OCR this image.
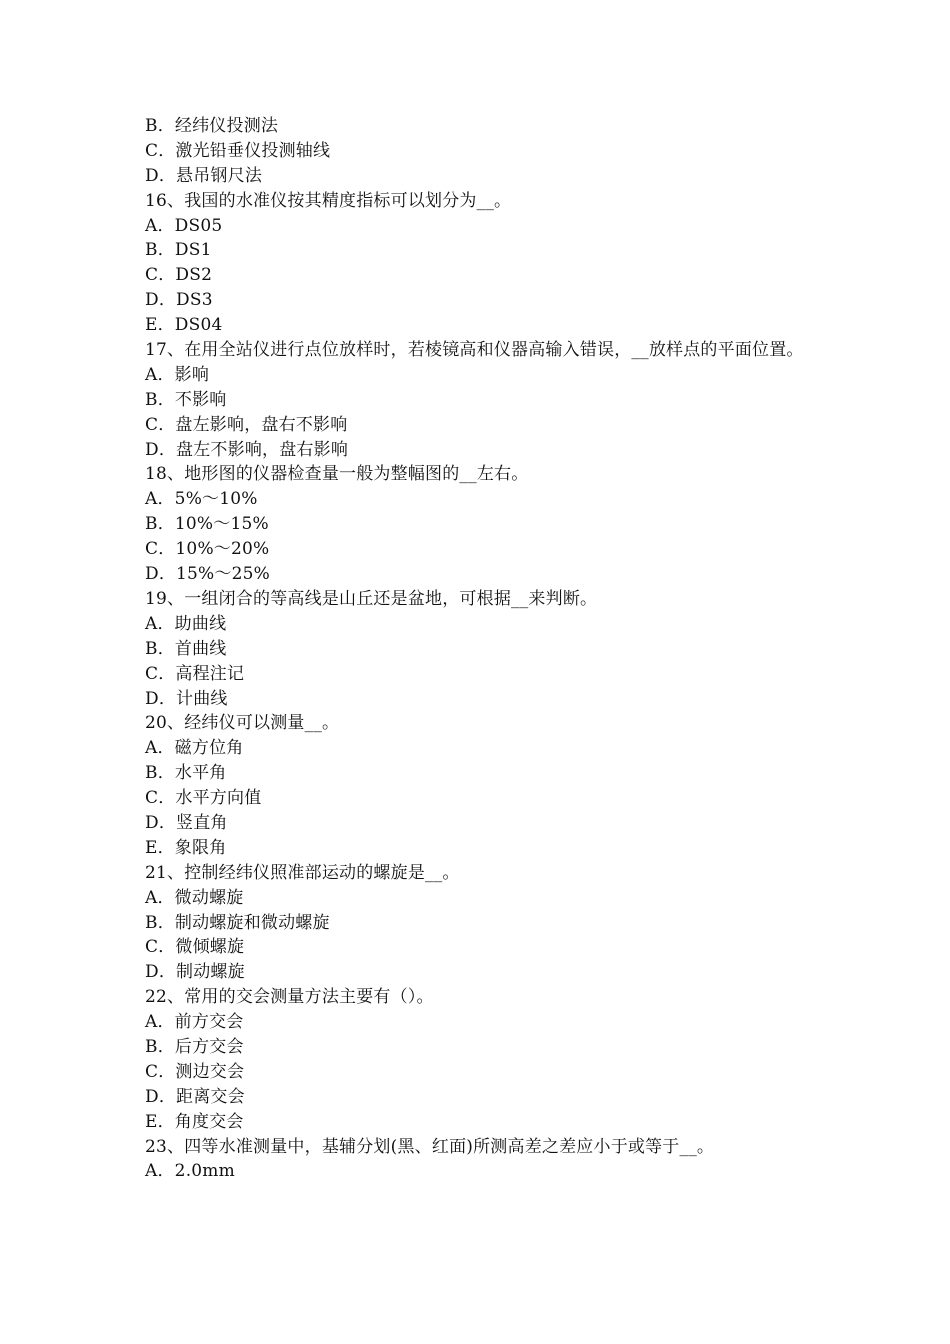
B．经纬仪投测法
C．激光铅垂仪投测轴线
D．悬吊钢尺法
16、我国的水准仪按其精度指标可以划分为__。
A．DS05
B．DS1
C．DS2
D．DS3
E．DS04
17、在用全站仪进行点位放样时，若棱镜高和仪器高输入错误，__放样点的平面位置。
A．影响
B．不影响
C．盘左影响，盘右不影响
D．盘左不影响，盘右影响
18、地形图的仪器检查量一般为整幅图的__左右。
A．5%～10%
B．10%～15%
C．10%～20%
D．15%～25%
19、一组闭合的等高线是山丘还是盆地，可根据__来判断。
A．助曲线
B．首曲线
C．高程注记
D．计曲线
20、经纬仪可以测量__。
A．磁方位角
B．水平角
C．水平方向值
D．竖直角
E．象限角
21、控制经纬仪照准部运动的螺旋是__。
A．微动螺旋
B．制动螺旋和微动螺旋
C．微倾螺旋
D．制动螺旋
22、常用的交会测量方法主要有（）。
A．前方交会
B．后方交会
C．测边交会
D．距离交会
E．角度交会
23、四等水准测量中，基辅分划(黑、红面)所测高差之差应小于或等于__。
A．2.0mm
